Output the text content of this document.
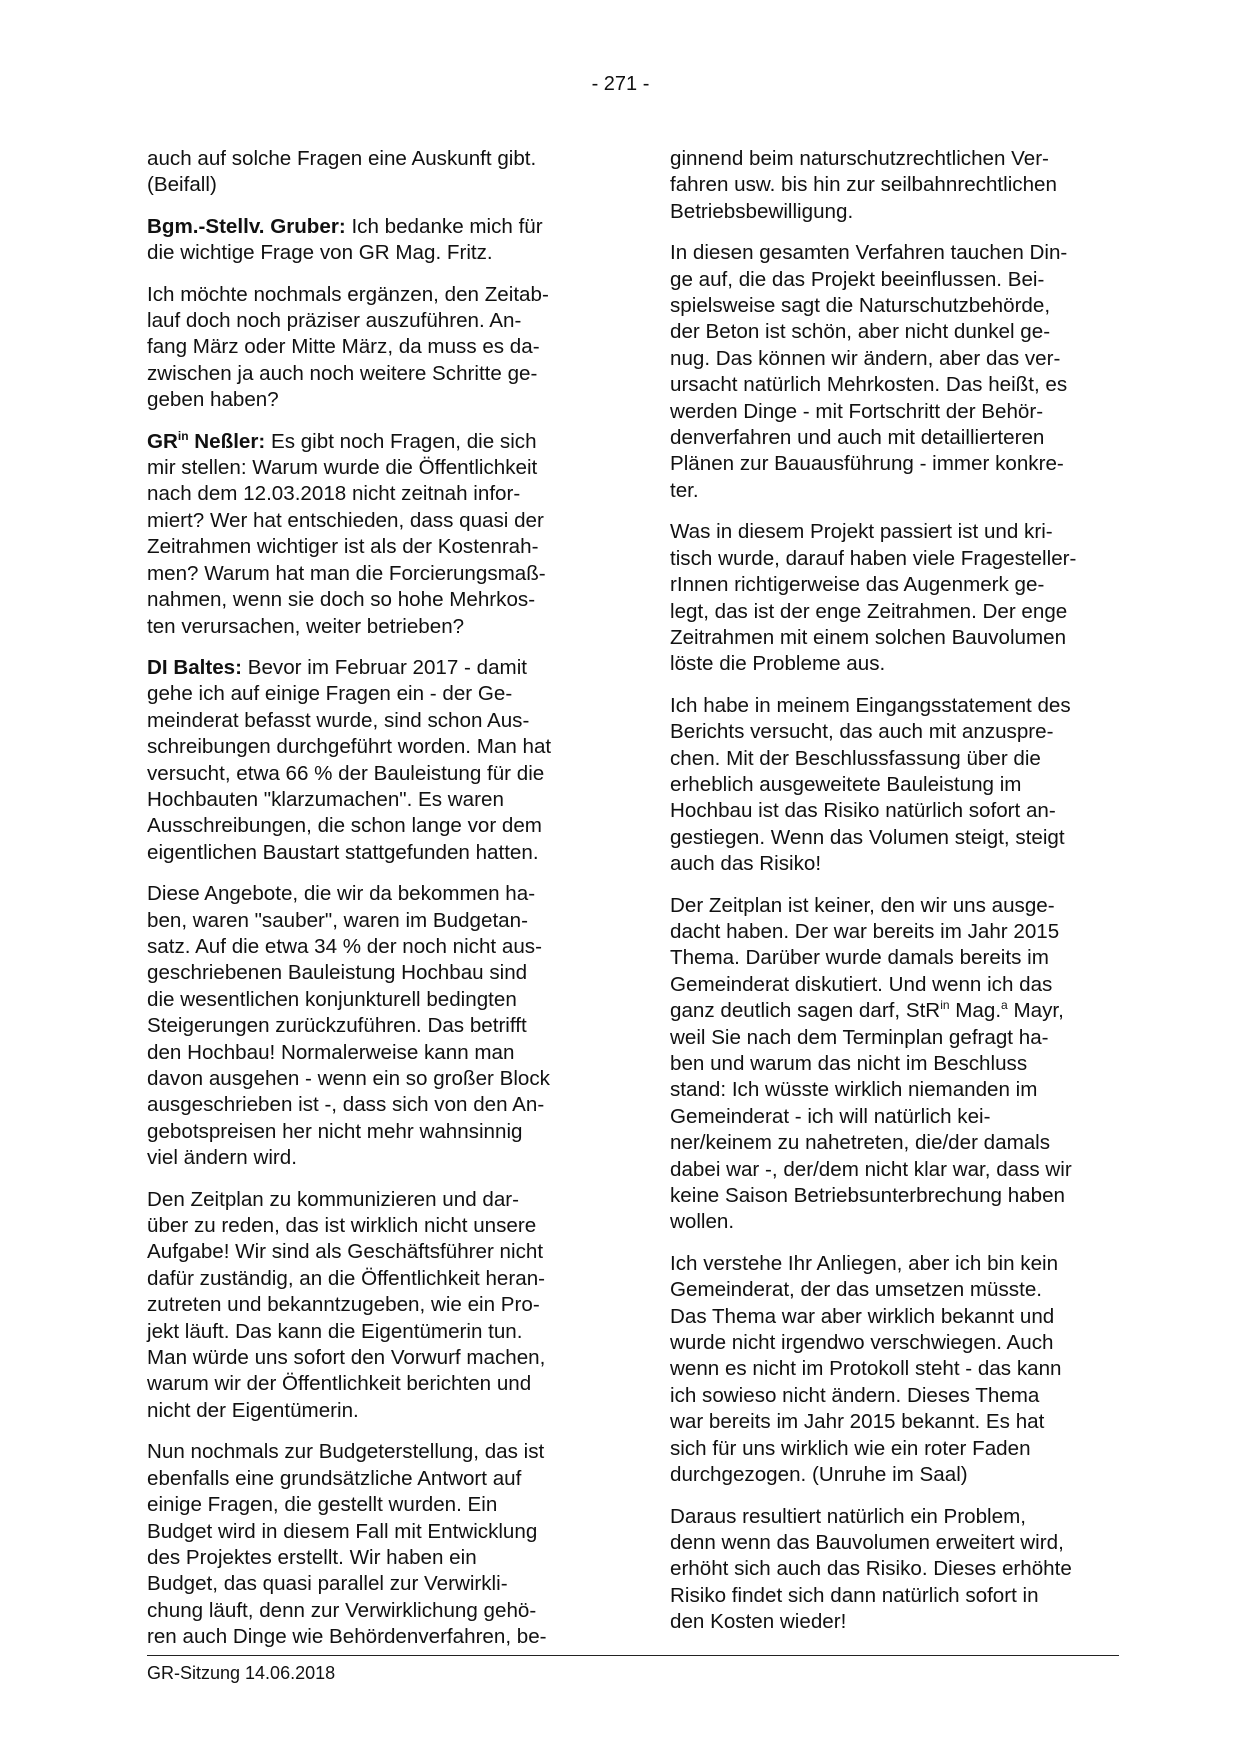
- 271 -

auch auf solche Fragen eine Auskunft gibt.
(Beifall)

Bgm.-Stellv. Gruber: Ich bedanke mich für
die wichtige Frage von GR Mag. Fritz.

Ich möchte nochmals ergänzen, den Zeitab-
lauf doch noch präziser auszuführen. An-
fang März oder Mitte März, da muss es da-
zwischen ja auch noch weitere Schritte ge-
geben haben?

$GR^{in}$ Neßler: Es gibt noch Fragen, die sich
mir stellen: Warum wurde die Öffentlichkeit
nach dem 12.03.2018 nicht zeitnah infor-
miert? Wer hat entschieden, dass quasi der
Zeitrahmen wichtiger ist als der Kostenrah-
men? Warum hat man die Forcierungsmaß-
nahmen, wenn sie doch so hohe Mehrkos-
ten verursachen, weiter betrieben?

DI Baltes: Bevor im Februar 2017 - damit
gehe ich auf einige Fragen ein - der Ge-
meinderat befasst wurde, sind schon Aus-
schreibungen durchgeführt worden. Man hat
versucht, etwa 66 % der Bauleistung für die
Hochbauten "klarzumachen". Es waren
Ausschreibungen, die schon lange vor dem
eigentlichen Baustart stattgefunden hatten.

Diese Angebote, die wir da bekommen ha-
ben, waren "sauber", waren im Budgetan-
satz. Auf die etwa 34 % der noch nicht aus-
geschriebenen Bauleistung Hochbau sind
die wesentlichen konjunkturell bedingten
Steigerungen zurückzuführen. Das betrifft
den Hochbau! Normalerweise kann man
davon ausgehen - wenn ein so großer Block
ausgeschrieben ist -, dass sich von den An-
gebotspreisen her nicht mehr wahnsinnig
viel ändern wird.

Den Zeitplan zu kommunizieren und dar-
über zu reden, das ist wirklich nicht unsere
Aufgabe! Wir sind als Geschäftsführer nicht
dafür zuständig, an die Öffentlichkeit heran-
zutreten und bekanntzugeben, wie ein Pro-
jekt läuft. Das kann die Eigentümerin tun.
Man würde uns sofort den Vorwurf machen,
warum wir der Öffentlichkeit berichten und
nicht der Eigentümerin.

Nun nochmals zur Budgeterstellung, das ist
ebenfalls eine grundsätzliche Antwort auf
einige Fragen, die gestellt wurden. Ein
Budget wird in diesem Fall mit Entwicklung
des Projektes erstellt. Wir haben ein
Budget, das quasi parallel zur Verwirkli-
chung läuft, denn zur Verwirklichung gehö-
ren auch Dinge wie Behördenverfahren, be-

ginnend beim naturschutzrechtlichen Ver-
fahren usw. bis hin zur seilbahnrechtlichen
Betriebsbewilligung.

In diesen gesamten Verfahren tauchen Din-
ge auf, die das Projekt beeinflussen. Bei-
spielsweise sagt die Naturschutzbehörde,
der Beton ist schön, aber nicht dunkel ge-
nug. Das können wir ändern, aber das ver-
ursacht natürlich Mehrkosten. Das heißt, es
werden Dinge - mit Fortschritt der Behör-
denverfahren und auch mit detaillierteren
Plänen zur Bauausführung - immer konkre-
ter.

Was in diesem Projekt passiert ist und kri-
tisch wurde, darauf haben viele Fragesteller-
rInnen richtigerweise das Augenmerk ge-
legt, das ist der enge Zeitrahmen. Der enge
Zeitrahmen mit einem solchen Bauvolumen
löste die Probleme aus.

Ich habe in meinem Eingangsstatement des
Berichts versucht, das auch mit anzuspre-
chen. Mit der Beschlussfassung über die
erheblich ausgeweitete Bauleistung im
Hochbau ist das Risiko natürlich sofort an-
gestiegen. Wenn das Volumen steigt, steigt
auch das Risiko!

Der Zeitplan ist keiner, den wir uns ausge-
dacht haben. Der war bereits im Jahr 2015
Thema. Darüber wurde damals bereits im
Gemeinderat diskutiert. Und wenn ich das
ganz deutlich sagen darf, StR$^{in}$ Mag.$^a$ Mayr,
weil Sie nach dem Terminplan gefragt ha-
ben und warum das nicht im Beschluss
stand: Ich wüsste wirklich niemanden im
Gemeinderat - ich will natürlich kei-
ner/keinem zu nahetreten, die/der damals
dabei war -, der/dem nicht klar war, dass wir
keine Saison Betriebsunterbrechung haben
wollen.

Ich verstehe Ihr Anliegen, aber ich bin kein
Gemeinderat, der das umsetzen müsste.
Das Thema war aber wirklich bekannt und
wurde nicht irgendwo verschwiegen. Auch
wenn es nicht im Protokoll steht - das kann
ich sowieso nicht ändern. Dieses Thema
war bereits im Jahr 2015 bekannt. Es hat
sich für uns wirklich wie ein roter Faden
durchgezogen. (Unruhe im Saal)

Daraus resultiert natürlich ein Problem,
denn wenn das Bauvolumen erweitert wird,
erhöht sich auch das Risiko. Dieses erhöhte
Risiko findet sich dann natürlich sofort in
den Kosten wieder!

GR-Sitzung 14.06.2018
